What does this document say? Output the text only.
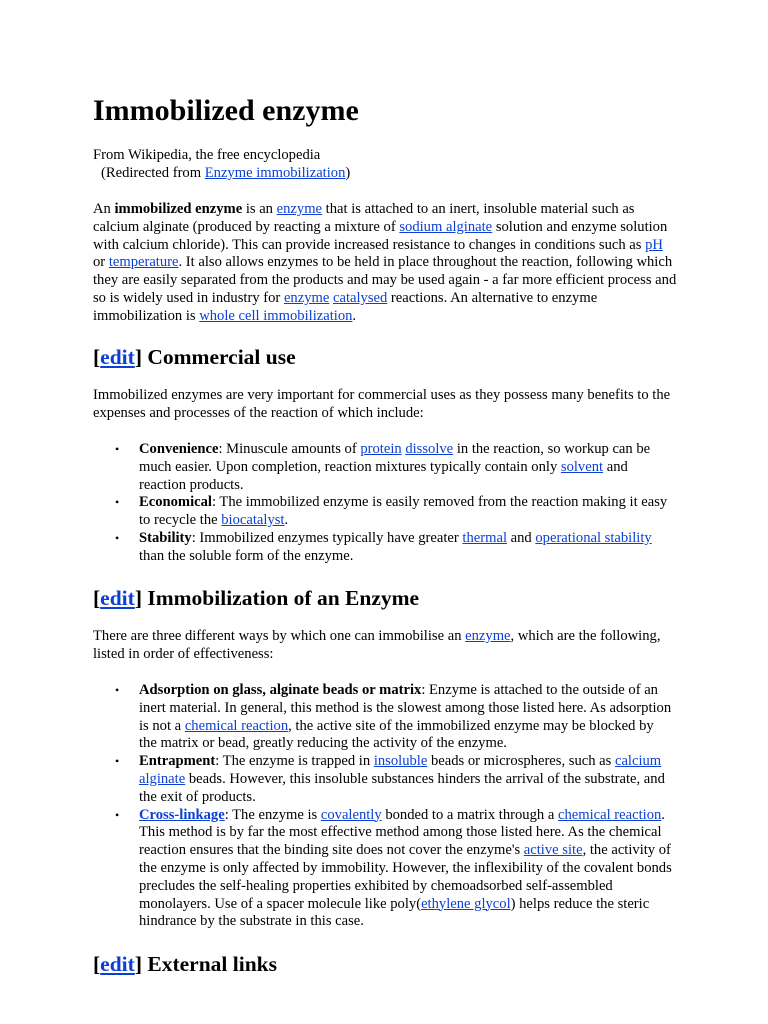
Immobilized enzyme
From Wikipedia, the free encyclopedia
(Redirected from Enzyme immobilization)

An immobilized enzyme is an enzyme that is attached to an inert, insoluble material such as calcium alginate (produced by reacting a mixture of sodium alginate solution and enzyme solution with calcium chloride). This can provide increased resistance to changes in conditions such as pH or temperature. It also allows enzymes to be held in place throughout the reaction, following which they are easily separated from the products and may be used again - a far more efficient process and so is widely used in industry for enzyme catalysed reactions. An alternative to enzyme immobilization is whole cell immobilization.

[edit] Commercial use

Immobilized enzymes are very important for commercial uses as they possess many benefits to the expenses and processes of the reaction of which include:

• Convenience: Minuscule amounts of protein dissolve in the reaction, so workup can be much easier. Upon completion, reaction mixtures typically contain only solvent and reaction products.
• Economical: The immobilized enzyme is easily removed from the reaction making it easy to recycle the biocatalyst.
• Stability: Immobilized enzymes typically have greater thermal and operational stability than the soluble form of the enzyme.
[edit] Immobilization of an Enzyme

There are three different ways by which one can immobilise an enzyme, which are the following, listed in order of effectiveness:

• Adsorption on glass, alginate beads or matrix: Enzyme is attached to the outside of an inert material. In general, this method is the slowest among those listed here. As adsorption is not a chemical reaction, the active site of the immobilized enzyme may be blocked by the matrix or bead, greatly reducing the activity of the enzyme.
• Entrapment: The enzyme is trapped in insoluble beads or microspheres, such as calcium alginate beads. However, this insoluble substances hinders the arrival of the substrate, and the exit of products.
• Cross-linkage: The enzyme is covalently bonded to a matrix through a chemical reaction. This method is by far the most effective method among those listed here. As the chemical reaction ensures that the binding site does not cover the enzyme's active site, the activity of the enzyme is only affected by immobility. However, the inflexibility of the covalent bonds precludes the self-healing properties exhibited by chemoadsorbed self-assembled monolayers. Use of a spacer molecule like poly(ethylene glycol) helps reduce the steric hindrance by the substrate in this case.
[edit] External links
